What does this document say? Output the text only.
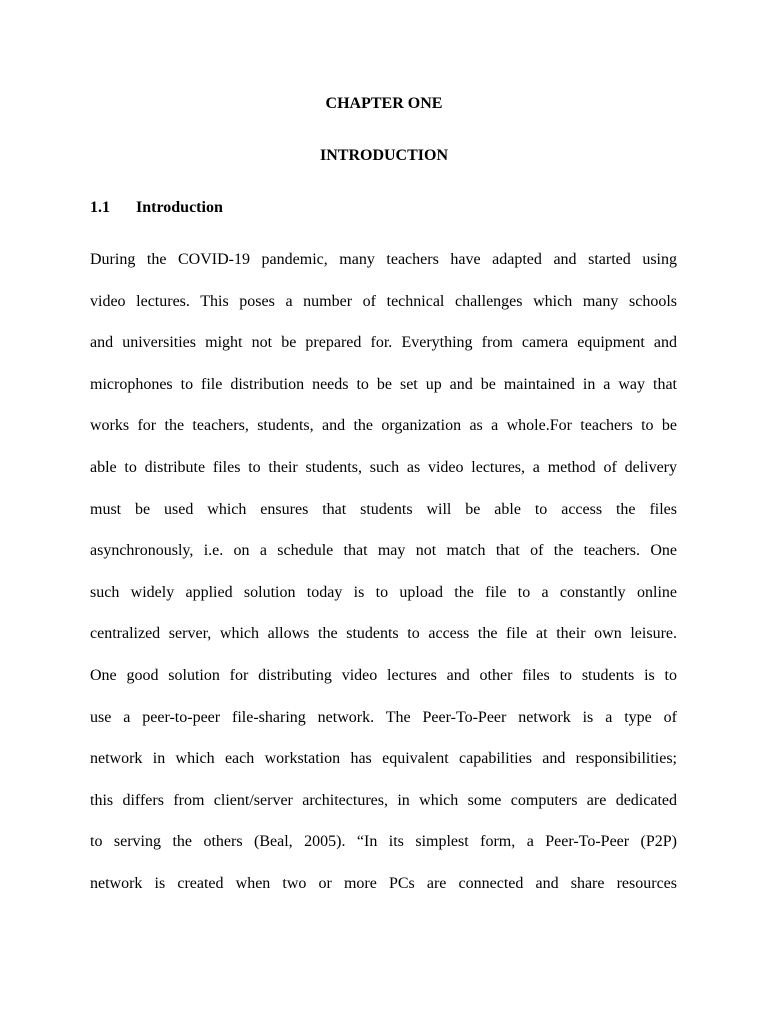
CHAPTER ONE
INTRODUCTION
1.1	Introduction
During the COVID-19 pandemic, many teachers have adapted and started using
video lectures. This poses a number of technical challenges which many schools
and universities might not be prepared for. Everything from camera equipment and
microphones to file distribution needs to be set up and be maintained in a way that
works for the teachers, students, and the organization as a whole.For teachers to be
able to distribute files to their students, such as video lectures, a method of delivery
must be used which ensures that students will be able to access the files
asynchronously, i.e. on a schedule that may not match that of the teachers. One
such widely applied solution today is to upload the file to a constantly online
centralized server, which allows the students to access the file at their own leisure.
One good solution for distributing video lectures and other files to students is to
use a peer-to-peer file-sharing network. The Peer-To-Peer network is a type of
network in which each workstation has equivalent capabilities and responsibilities;
this differs from client/server architectures, in which some computers are dedicated
to serving the others (Beal, 2005). “In its simplest form, a Peer-To-Peer (P2P)
network is created when two or more PCs are connected and share resources
